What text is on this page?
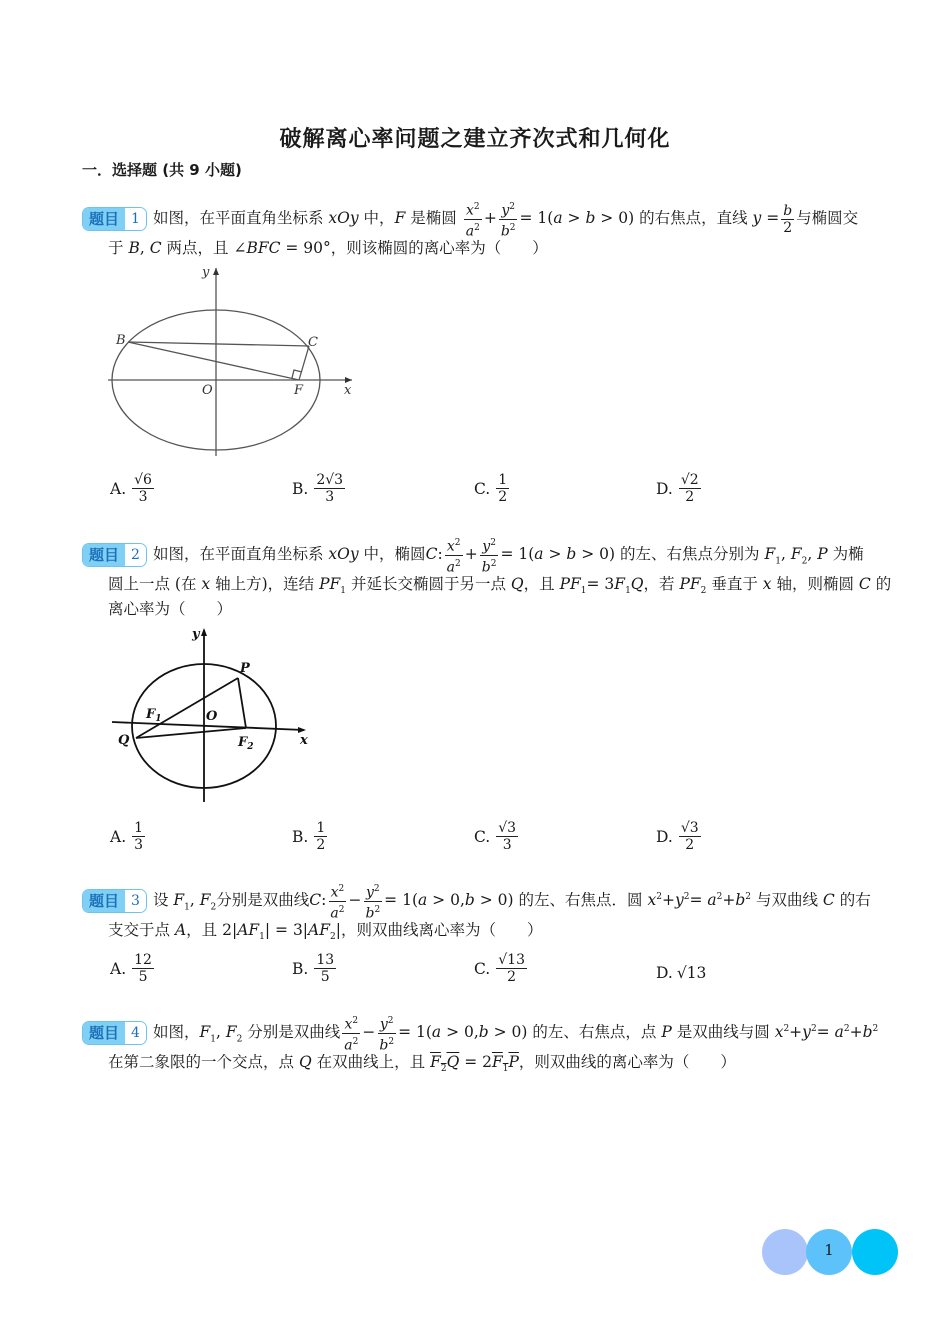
破解离心率问题之建立齐次式和几何化
一．选择题 (共 9 小题)
题目 1 如图，在平面直角坐标系 xOy 中，F 是椭圆 $\frac{x^2}{a^2} + \frac{y^2}{b^2} = 1(a > b > 0)$ 的右焦点，直线 $y = \frac{b}{2}$ 与椭圆交
于 B, C 两点，且 ∠BFC = 90°，则该椭圆的离心率为（　　）
y
B	C
O	F	x
A. $\frac{√6}{3}$	B. $\frac{2√3}{3}$	C. $\frac{1}{2}$	D. $\frac{√2}{2}$
题目 2 如图，在平面直角坐标系 xOy 中，椭圆C: $\frac{x^2}{a^2} + \frac{y^2}{b^2} = 1(a > b > 0)$ 的左、右焦点分别为 $F_1$, $F_2$, P 为椭
圆上一点 (在 x 轴上方)，连结 $PF_1$ 并延长交椭圆于另一点 Q，且 $PF_1= 3F_1Q$，若 $PF_2$ 垂直于 x 轴，则椭圆 C 的
离心率为（　　）
y
P
$F_1$	O
Q	$F_2$	x
A. $\frac{1}{3}$	B. $\frac{1}{2}$	C. $\frac{√3}{3}$	D. $\frac{√3}{2}$
题目 3 设 $F_1$, $F_2$分别是双曲线C: $\frac{x^2}{a^2} - \frac{y^2}{b^2} = 1(a > 0,b > 0)$ 的左、右焦点．圆 $x^2+y^2= a^2+b^2$ 与双曲线 C 的右
支交于点 A，且 $2|AF_1| = 3|AF_2|$，则双曲线离心率为（　　）
A. $\frac{12}{5}$	B. $\frac{13}{5}$	C. $\frac{√13}{2}$	D. √13
题目 4 如图，$F_1$, $F_2$ 分别是双曲线 $\frac{x^2}{a^2} - \frac{y^2}{b^2} = 1(a > 0,b > 0)$ 的左、右焦点，点 P 是双曲线与圆 $x^2+y^2= a^2+b^2$
在第二象限的一个交点，点 Q 在双曲线上，且 $F_2Q = 2F_1P$，则双曲线的离心率为（　　）
1
